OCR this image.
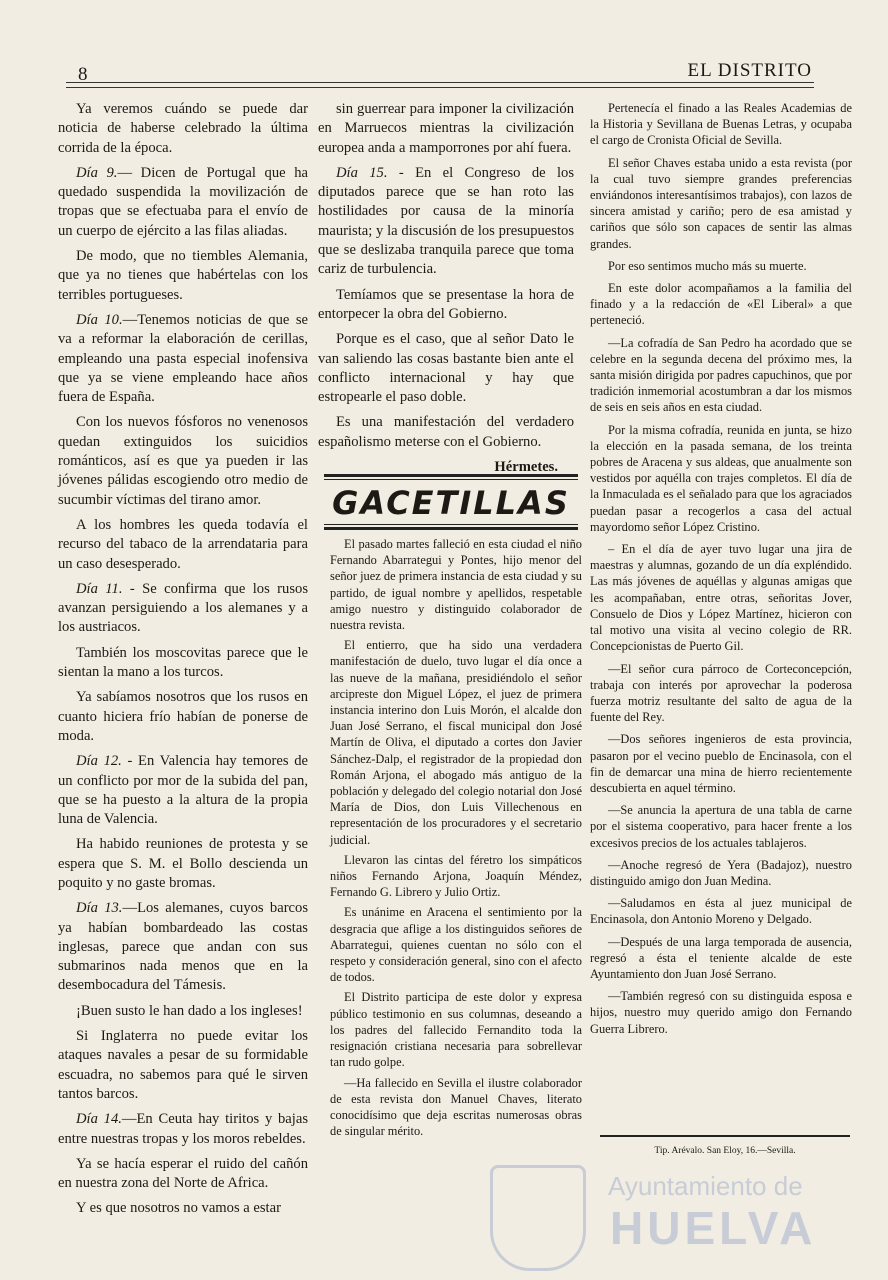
8	EL DISTRITO

Ya veremos cuándo se puede dar noticia de haberse celebrado la última corrida de la época.

Día 9.— Dicen de Portugal que ha quedado suspendida la movilización de tropas que se efectuaba para el envío de un cuerpo de ejército a las filas aliadas.

De modo, que no tiembles Alemania, que ya no tienes que habértelas con los terribles portugueses.

Día 10.—Tenemos noticias de que se va a reformar la elaboración de cerillas, empleando una pasta especial inofensiva que ya se viene empleando hace años fuera de España.

Con los nuevos fósforos no venenosos quedan extinguidos los suicidios románticos, así es que ya pueden ir las jóvenes pálidas escogiendo otro medio de sucumbir víctimas del tirano amor.

A los hombres les queda todavía el recurso del tabaco de la arrendataria para un caso desesperado.

Día 11. - Se confirma que los rusos avanzan persiguiendo a los alemanes y a los austriacos.

También los moscovitas parece que le sientan la mano a los turcos.

Ya sabíamos nosotros que los rusos en cuanto hiciera frío habían de ponerse de moda.

Día 12. - En Valencia hay temores de un conflicto por mor de la subida del pan, que se ha puesto a la altura de la propia luna de Valencia.

Ha habido reuniones de protesta y se espera que S. M. el Bollo descienda un poquito y no gaste bromas.

Día 13.—Los alemanes, cuyos barcos ya habían bombardeado las costas inglesas, parece que andan con sus submarinos nada menos que en la desembocadura del Támesis.

¡Buen susto le han dado a los ingleses!

Si Inglaterra no puede evitar los ataques navales a pesar de su formidable escuadra, no sabemos para qué le sirven tantos barcos.

Día 14.—En Ceuta hay tiritos y bajas entre nuestras tropas y los moros rebeldes.

Ya se hacía esperar el ruido del cañón en nuestra zona del Norte de Africa.

Y es que nosotros no vamos a estar

sin guerrear para imponer la civilización en Marruecos mientras la civilización europea anda a mamporrones por ahí fuera.

Día 15. - En el Congreso de los diputados parece que se han roto las hostilidades por causa de la minoría maurista; y la discusión de los presupuestos que se deslizaba tranquila parece que toma cariz de turbulencia.

Temíamos que se presentase la hora de entorpecer la obra del Gobierno.

Porque es el caso, que al señor Dato le van saliendo las cosas bastante bien ante el conflicto internacional y hay que estropearle el paso doble.

Es una manifestación del verdadero españolismo meterse con el Gobierno.

Hérmetes.

GACETILLAS

El pasado martes falleció en esta ciudad el niño Fernando Abarrategui y Pontes, hijo menor del señor juez de primera instancia de esta ciudad y su partido, de igual nombre y apellidos, respetable amigo nuestro y distinguido colaborador de nuestra revista.

El entierro, que ha sido una verdadera manifestación de duelo, tuvo lugar el día once a las nueve de la mañana, presidiéndolo el señor arcipreste don Miguel López, el juez de primera instancia interino don Luis Morón, el alcalde don Juan José Serrano, el fiscal municipal don José Martín de Oliva, el diputado a cortes don Javier Sánchez-Dalp, el registrador de la propiedad don Román Arjona, el abogado más antiguo de la población y delegado del colegio notarial don José María de Dios, don Luis Villechenous en representación de los procuradores y el secretario judicial.

Llevaron las cintas del féretro los simpáticos niños Fernando Arjona, Joaquín Méndez, Fernando G. Librero y Julio Ortiz.

Es unánime en Aracena el sentimiento por la desgracia que aflige a los distinguidos señores de Abarrategui, quienes cuentan no sólo con el respeto y consideración general, sino con el afecto de todos.

El Distrito participa de este dolor y expresa público testimonio en sus columnas, deseando a los padres del fallecido Fernandito toda la resignación cristiana necesaria para sobrellevar tan rudo golpe.

—Ha fallecido en Sevilla el ilustre colaborador de esta revista don Manuel Chaves, literato conocidísimo que deja escritas numerosas obras de singular mérito.

Pertenecía el finado a las Reales Academias de la Historia y Sevillana de Buenas Letras, y ocupaba el cargo de Cronista Oficial de Sevilla.

El señor Chaves estaba unido a esta revista (por la cual tuvo siempre grandes preferencias enviándonos interesantísimos trabajos), con lazos de sincera amistad y cariño; pero de esa amistad y cariños que sólo son capaces de sentir las almas grandes.

Por eso sentimos mucho más su muerte.

En este dolor acompañamos a la familia del finado y a la redacción de «El Liberal» a que perteneció.

—La cofradía de San Pedro ha acordado que se celebre en la segunda decena del próximo mes, la santa misión dirigida por padres capuchinos, que por tradición inmemorial acostumbran a dar los mismos de seis en seis años en esta ciudad.

Por la misma cofradía, reunida en junta, se hizo la elección en la pasada semana, de los treinta pobres de Aracena y sus aldeas, que anualmente son vestidos por aquélla con trajes completos. El día de la Inmaculada es el señalado para que los agraciados puedan pasar a recogerlos a casa del actual mayordomo señor López Cristino.

– En el día de ayer tuvo lugar una jira de maestras y alumnas, gozando de un día expléndido. Las más jóvenes de aquéllas y algunas amigas que les acompañaban, entre otras, señoritas Jover, Consuelo de Dios y López Martínez, hicieron con tal motivo una visita al vecino colegio de RR. Concepcionistas de Puerto Gil.

—El señor cura párroco de Corteconcepción, trabaja con interés por aprovechar la poderosa fuerza motriz resultante del salto de agua de la fuente del Rey.

—Dos señores ingenieros de esta provincia, pasaron por el vecino pueblo de Encinasola, con el fin de demarcar una mina de hierro recientemente descubierta en aquel término.

—Se anuncia la apertura de una tabla de carne por el sistema cooperativo, para hacer frente a los excesivos precios de los actuales tablajeros.

—Anoche regresó de Yera (Badajoz), nuestro distinguido amigo don Juan Medina.

—Saludamos en ésta al juez municipal de Encinasola, don Antonio Moreno y Delgado.

—Después de una larga temporada de ausencia, regresó a ésta el teniente alcalde de este Ayuntamiento don Juan José Serrano.

—También regresó con su distinguida esposa e hijos, nuestro muy querido amigo don Fernando Guerra Librero.

Tip. Arévalo. San Eloy, 16.—Sevilla.
Ayuntamiento de
HUELVA
